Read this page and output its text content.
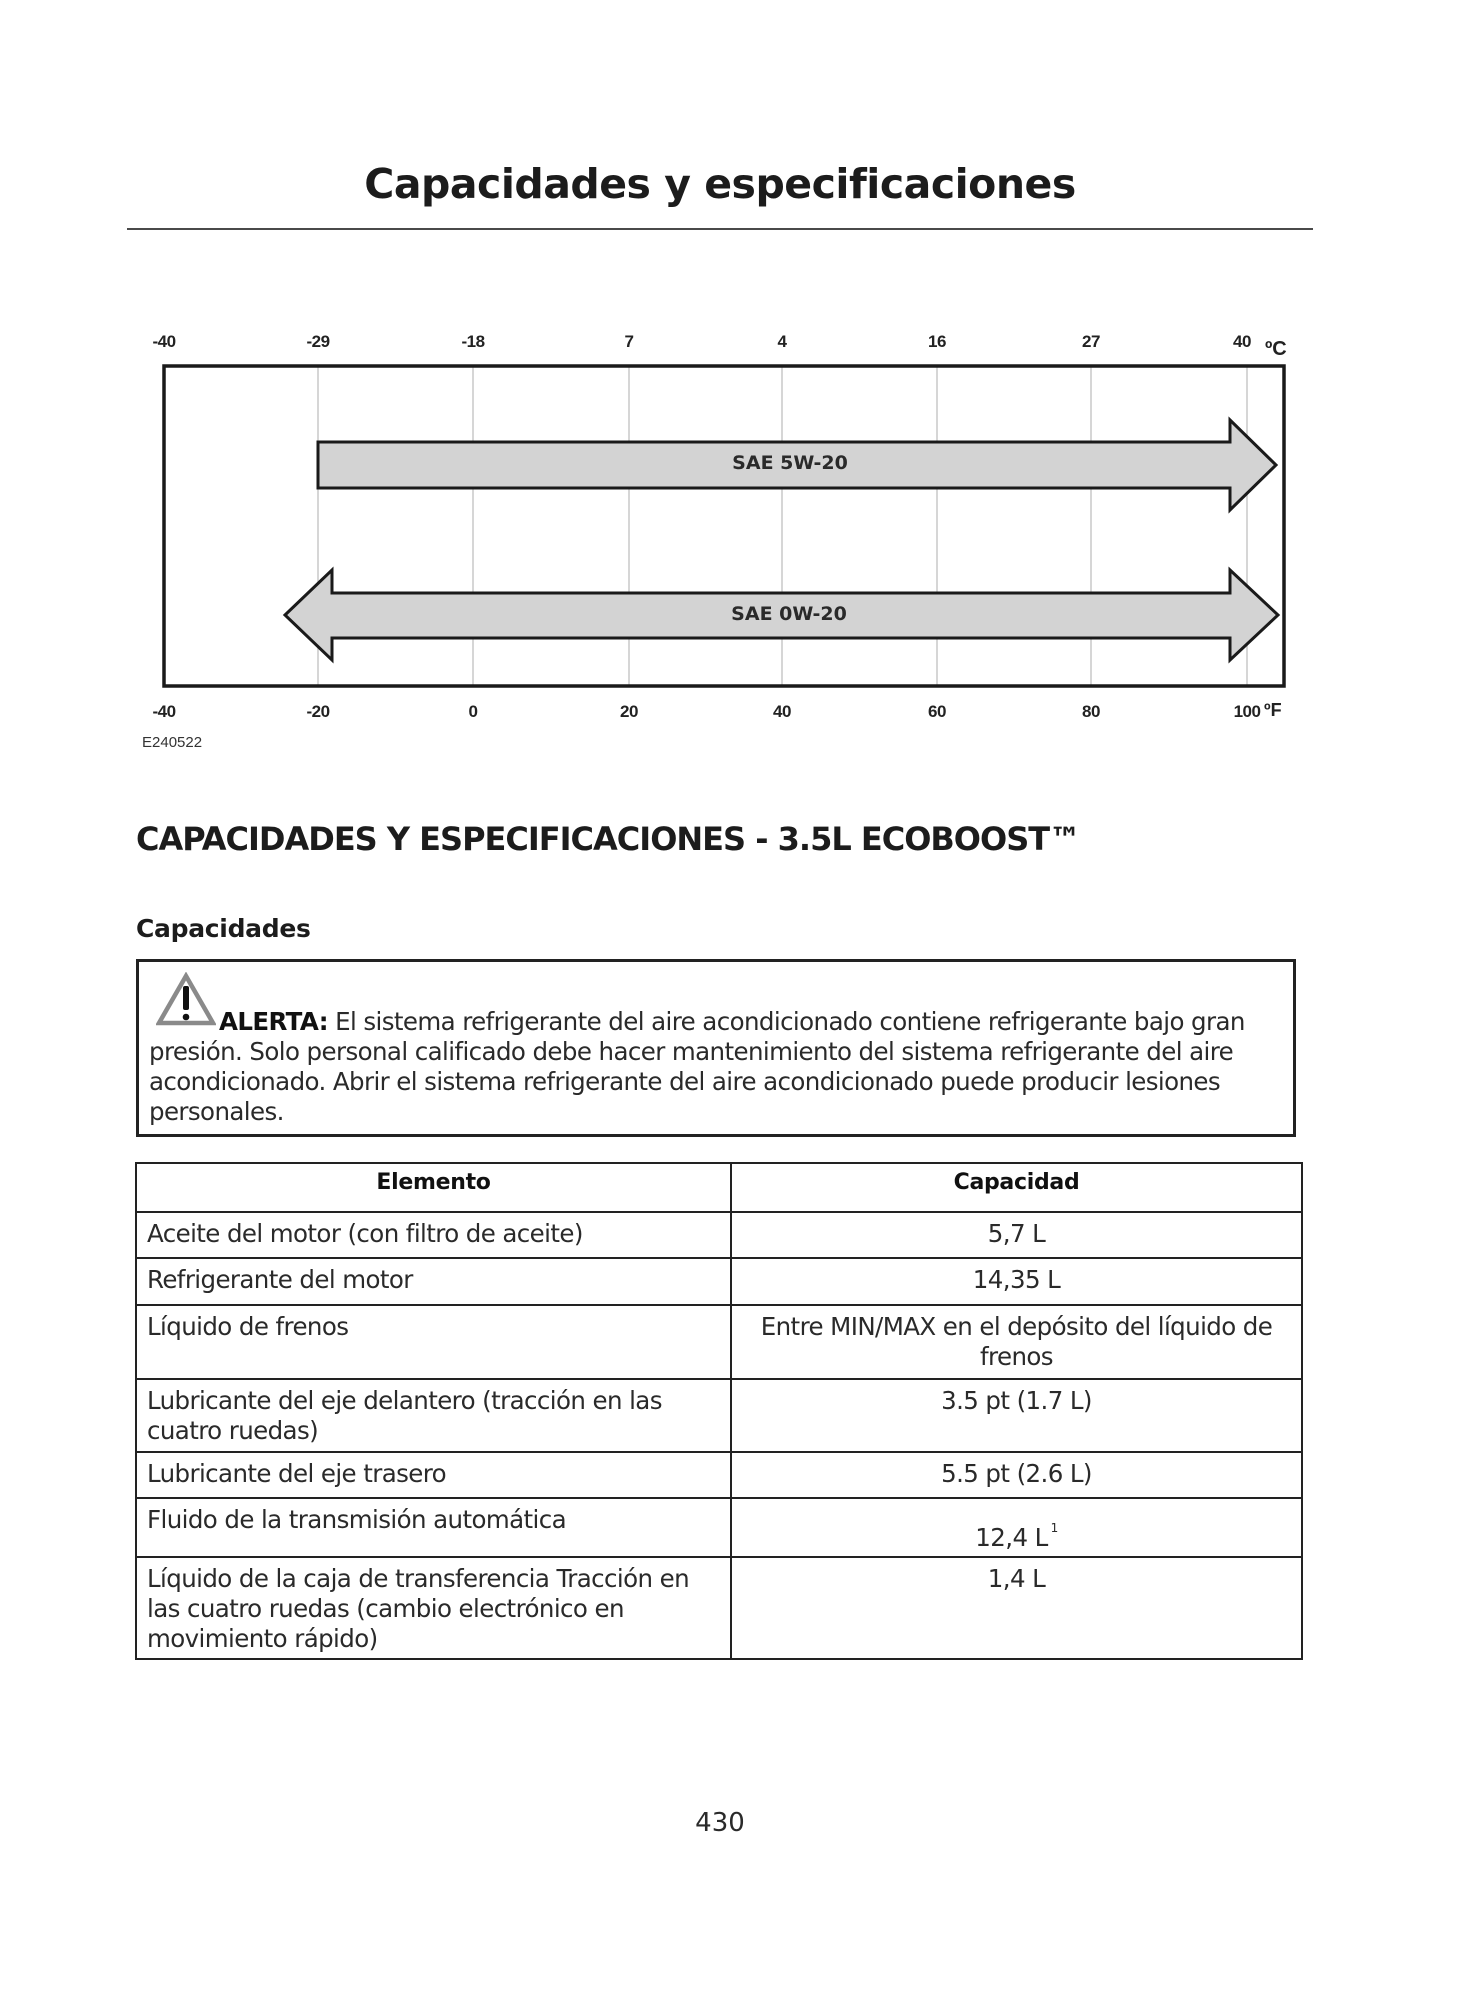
Capacidades y especificaciones
-40	-29	-18	7	4	16	27	40 ºC
SAE 5W-20
SAE 0W-20
-40	-20	0	20	40	60	80	100 ºF
E240522
CAPACIDADES Y ESPECIFICACIONES - 3.5L ECOBOOST™
Capacidades
ALERTA: El sistema refrigerante del aire acondicionado contiene refrigerante bajo gran presión. Solo personal calificado debe hacer mantenimiento del sistema refrigerante del aire acondicionado. Abrir el sistema refrigerante del aire acondicionado puede producir lesiones personales.
Elemento	Capacidad
Aceite del motor (con filtro de aceite)	5,7 L
Refrigerante del motor	14,35 L
Líquido de frenos	Entre MIN/MAX en el depósito del líquido de frenos
Lubricante del eje delantero (tracción en las cuatro ruedas)	3.5 pt (1.7 L)
Lubricante del eje trasero	5.5 pt (2.6 L)
Fluido de la transmisión automática	12,4 L $^1$
Líquido de la caja de transferencia Tracción en las cuatro ruedas (cambio electrónico en movimiento rápido)	1,4 L
430
